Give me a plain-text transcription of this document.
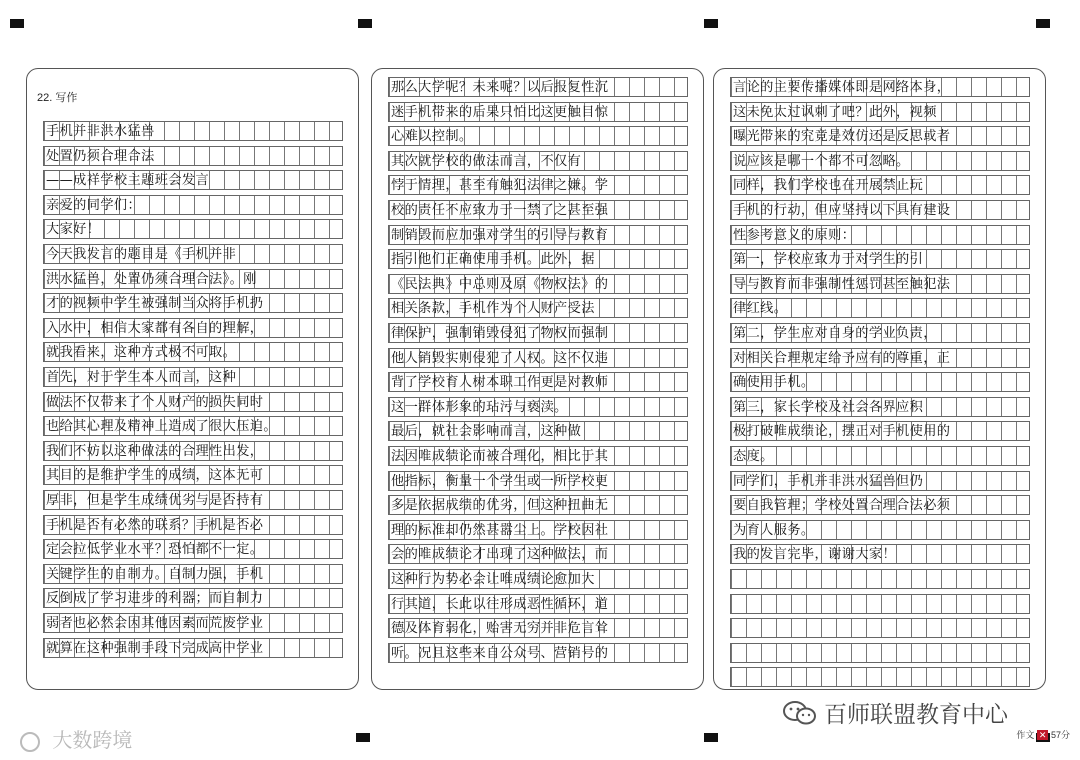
22. 写作
手机并非洪水猛兽
处置仍须合理合法
——成祥学校主题班会发言
亲爱的同学们：
大家好！
今天我发言的题目是《手机并非
洪水猛兽，处置仍须合理合法》。刚
才的视频中学生被强制当众将手机扔
入水中，相信大家都有各自的理解，
就我看来，这种方式极不可取。
首先，对于学生本人而言，这种
做法不仅带来了个人财产的损失同时
也给其心理及精神上造成了很大压迫。
我们不妨以这种做法的合理性出发，
其目的是维护学生的成绩，这本无可
厚非，但是学生成绩优劣与是否持有
手机是否有必然的联系？手机是否必
定会拉低学业水平？恐怕都不一定。
关键学生的自制力。自制力强，手机
反倒成了学习进步的利器；而自制力
弱者也必然会因其他因素而荒废学业
就算在这种强制手段下完成高中学业
那么大学呢？未来呢？以后报复性沉
迷手机带来的后果只怕比这更触目惊
心难以控制。
其次就学校的做法而言，不仅有
悖于情理，甚至有触犯法律之嫌。学
校的责任不应致力于一禁了之甚至强
制销毁而应加强对学生的引导与教育
指引他们正确使用手机。此外，据
《民法典》中总则及原《物权法》的
相关条款，手机作为个人财产受法
律保护，强制销毁侵犯了物权而强制
他人销毁实则侵犯了人权。这不仅违
背了学校育人树本职工作更是对教师
这一群体形象的玷污与亵渎。
最后，就社会影响而言，这种做
法因唯成绩论而被合理化，相比于其
他指标，衡量一个学生或一所学校更
多是依据成绩的优劣，但这种扭曲无
理的标准却仍然甚嚣尘上。学校因社
会的唯成绩论才出现了这种做法，而
这种行为势必会让唯成绩论愈加大
行其道，长此以往形成恶性循环，道
德及体育弱化，贻害无穷并非危言耸
听。况且这些来自公众号、营销号的
言论的主要传播媒体即是网络本身，
这未免太过讽刺了吧？此外，视频
曝光带来的究竟是效仿还是反思或者
说应该是哪一个都不可忽略。
同样，我们学校也在开展禁止玩
手机的行动，但应坚持以下具有建设
性参考意义的原则：
第一，学校应致力于对学生的引
导与教育而非强制性惩罚甚至触犯法
律红线。
第二，学生应对自身的学业负责，
对相关合理规定给予应有的尊重，正
确使用手机。
第三，家长学校及社会各界应积
极打破唯成绩论，摆正对手机使用的
态度。
同学们，手机并非洪水猛兽但仍
要自我管理；学校处置合理合法必须
为育人服务。
我的发言完毕，谢谢大家！
大数跨境
百师联盟教育中心
作文 ✕ 57分
